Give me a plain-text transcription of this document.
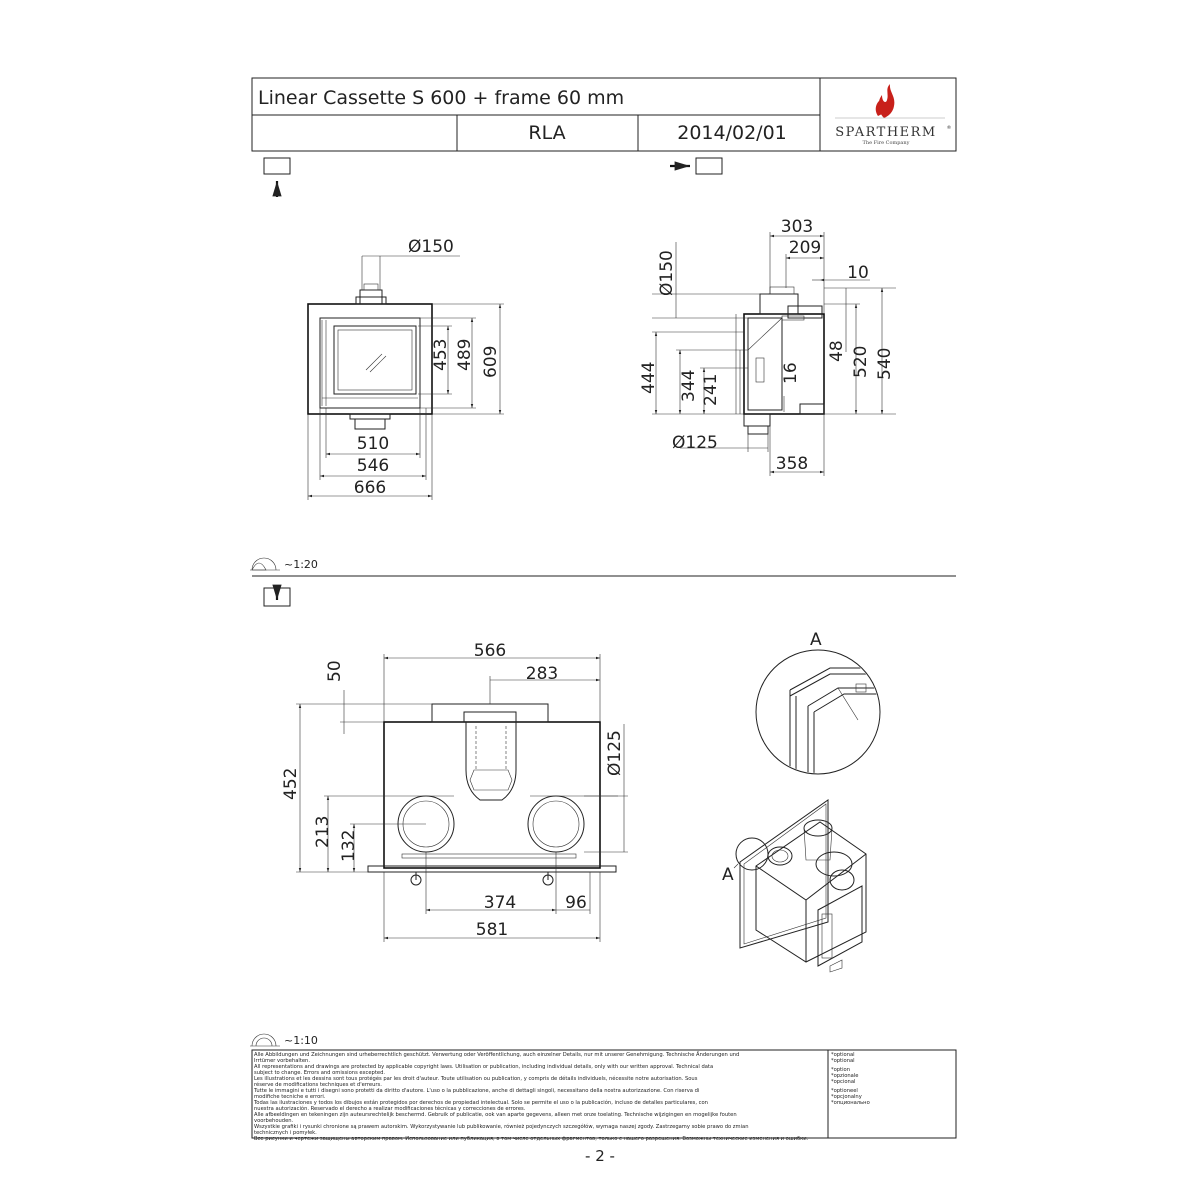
Linear Cassette S 600 + frame 60 mm
RLA	2014/02/01	SPARTHERM ®
The Fire Company
Ø150
453 489 609
510
546
666
303
209
10
Ø150
444 344 241
16
48 520 540
Ø125
358
~1:20
566
283
50
452
213 132
Ø125
374	96
581
A
A
~1:10
Alle Abbildungen und Zeichnungen sind urheberrechtlich geschützt. Verwertung oder Veröffentlichung, auch einzelner Details, nur mit unserer Genehmigung. Technische Änderungen und
Irrtümer vorbehalten.
All representations and drawings are protected by applicable copyright laws. Utilisation or publication, including individual details, only with our written approval. Technical data
subject to change. Errors and omissions excepted.
Les illustrations et les dessins sont tous protégés par les droit d'auteur. Toute utilisation ou publication, y compris de détails individuels, nécessite notre autorisation. Sous
réserve de modifications techniques et d'erreurs.
Tutte le immagini e tutti i disegni sono protetti da diritto d'autore. L'uso o la pubblicazione, anche di dettagli singoli, necessitano della nostra autorizzazione. Con riserva di
modifiche tecniche e errori.
Todas las ilustraciones y todos los dibujos están protegidos por derechos de propiedad intelectual. Solo se permite el uso o la publicación, incluso de detalles particulares, con
nuestra autorización. Reservado el derecho a realizar modificaciones técnicas y correcciones de errores.
Alle afbeeldingen en tekeningen zijn auteursrechtelijk beschermd. Gebruik of publicatie, ook van aparte gegevens, alleen met onze toelating. Technische wijzigingen en mogelijke fouten
voorbehouden.
Wszystkie grafiki i rysunki chronione są prawem autorskim. Wykorzystywanie lub publikowanie, również pojedynczych szczegółów, wymaga naszej zgody. Zastrzegamy sobie prawo do zmian
technicznych i pomyłek.
Все рисунки и чертежи защищены авторским правом. Использование или публикация, в том числе отдельных фрагментов, только с нашего разрешения. Возможны технические изменения и ошибки.
*optional
*optional
*option
*opzionale
*opcional
*optioneel
*opcjonalny
*опционально
- 2 -
